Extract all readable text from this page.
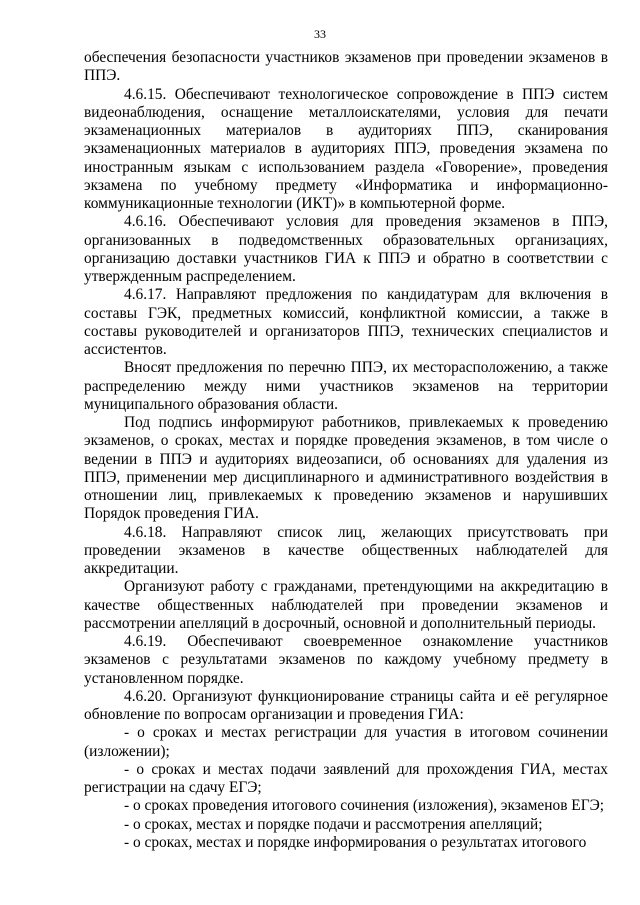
33

обеспечения безопасности участников экзаменов при проведении экзаменов в ППЭ.

4.6.15. Обеспечивают технологическое сопровождение в ППЭ систем видеонаблюдения, оснащение металлоискателями, условия для печати экзаменационных материалов в аудиториях ППЭ, сканирования экзаменационных материалов в аудиториях ППЭ, проведения экзамена по иностранным языкам с использованием раздела «Говорение», проведения экзамена по учебному предмету «Информатика и информационно-коммуникационные технологии (ИКТ)» в компьютерной форме.

4.6.16. Обеспечивают условия для проведения экзаменов в ППЭ, организованных в подведомственных образовательных организациях, организацию доставки участников ГИА к ППЭ и обратно в соответствии с утвержденным распределением.

4.6.17. Направляют предложения по кандидатурам для включения в составы ГЭК, предметных комиссий, конфликтной комиссии, а также в составы руководителей и организаторов ППЭ, технических специалистов и ассистентов.

Вносят предложения по перечню ППЭ, их месторасположению, а также распределению между ними участников экзаменов на территории муниципального образования области.

Под подпись информируют работников, привлекаемых к проведению экзаменов, о сроках, местах и порядке проведения экзаменов, в том числе о ведении в ППЭ и аудиториях видеозаписи, об основаниях для удаления из ППЭ, применении мер дисциплинарного и административного воздействия в отношении лиц, привлекаемых к проведению экзаменов и нарушивших Порядок проведения ГИА.

4.6.18. Направляют список лиц, желающих присутствовать при проведении экзаменов в качестве общественных наблюдателей для аккредитации.

Организуют работу с гражданами, претендующими на аккредитацию в качестве общественных наблюдателей при проведении экзаменов и рассмотрении апелляций в досрочный, основной и дополнительный периоды.

4.6.19. Обеспечивают своевременное ознакомление участников экзаменов с результатами экзаменов по каждому учебному предмету в установленном порядке.

4.6.20. Организуют функционирование страницы сайта и её регулярное обновление по вопросам организации и проведения ГИА:

- о сроках и местах регистрации для участия в итоговом сочинении (изложении);

- о сроках и местах подачи заявлений для прохождения ГИА, местах регистрации на сдачу ЕГЭ;

- о сроках проведения итогового сочинения (изложения), экзаменов ЕГЭ;

- о сроках, местах и порядке подачи и рассмотрения апелляций;

- о сроках, местах и порядке информирования о результатах итогового
